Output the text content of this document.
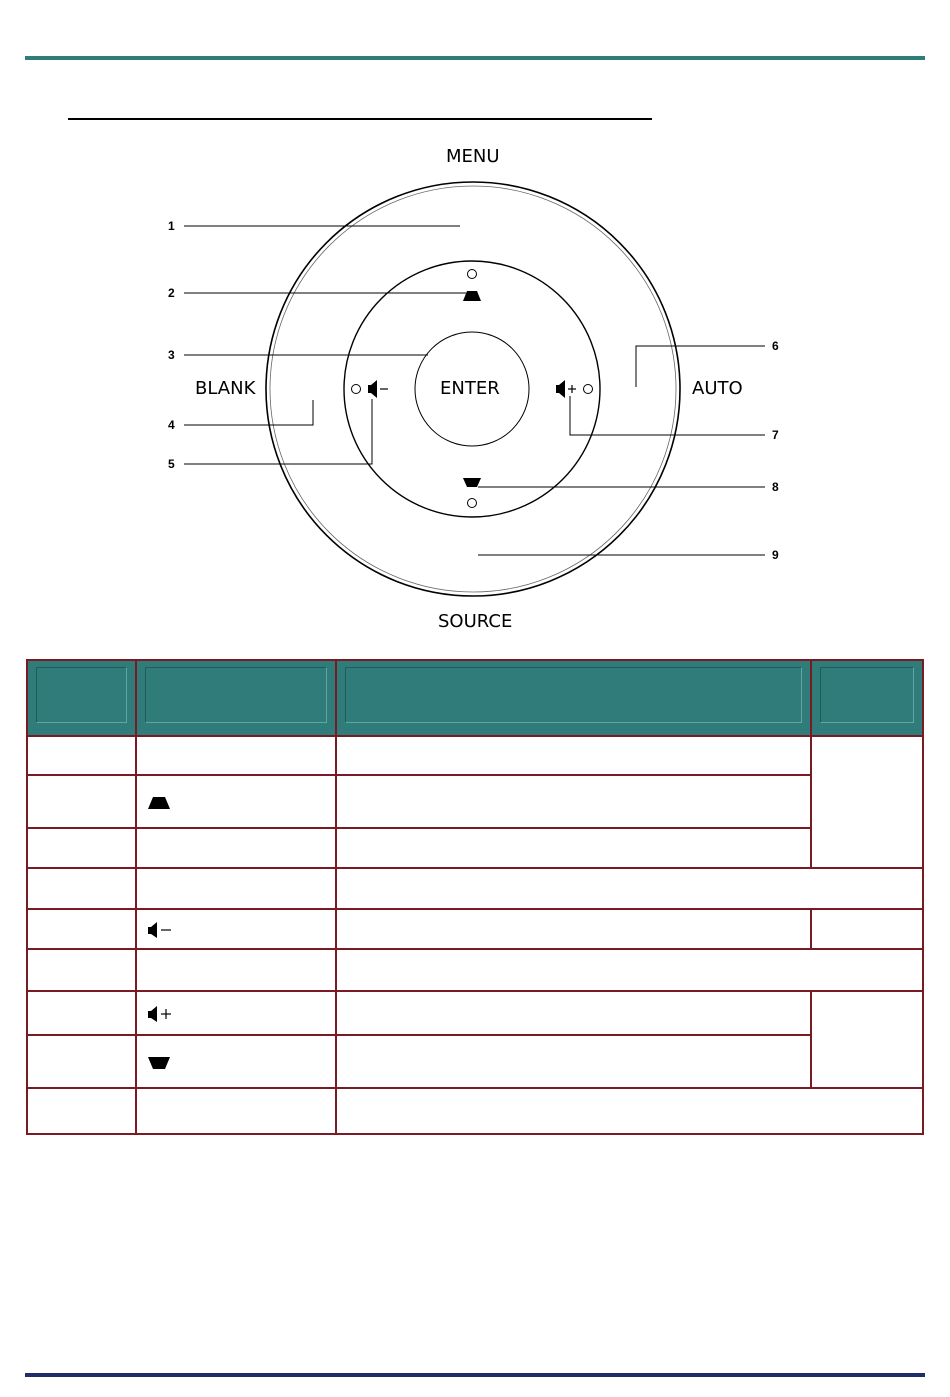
MENU
BLANK	ENTER	AUTO
SOURCE
1
2
3
4
5
6
7
8
9
